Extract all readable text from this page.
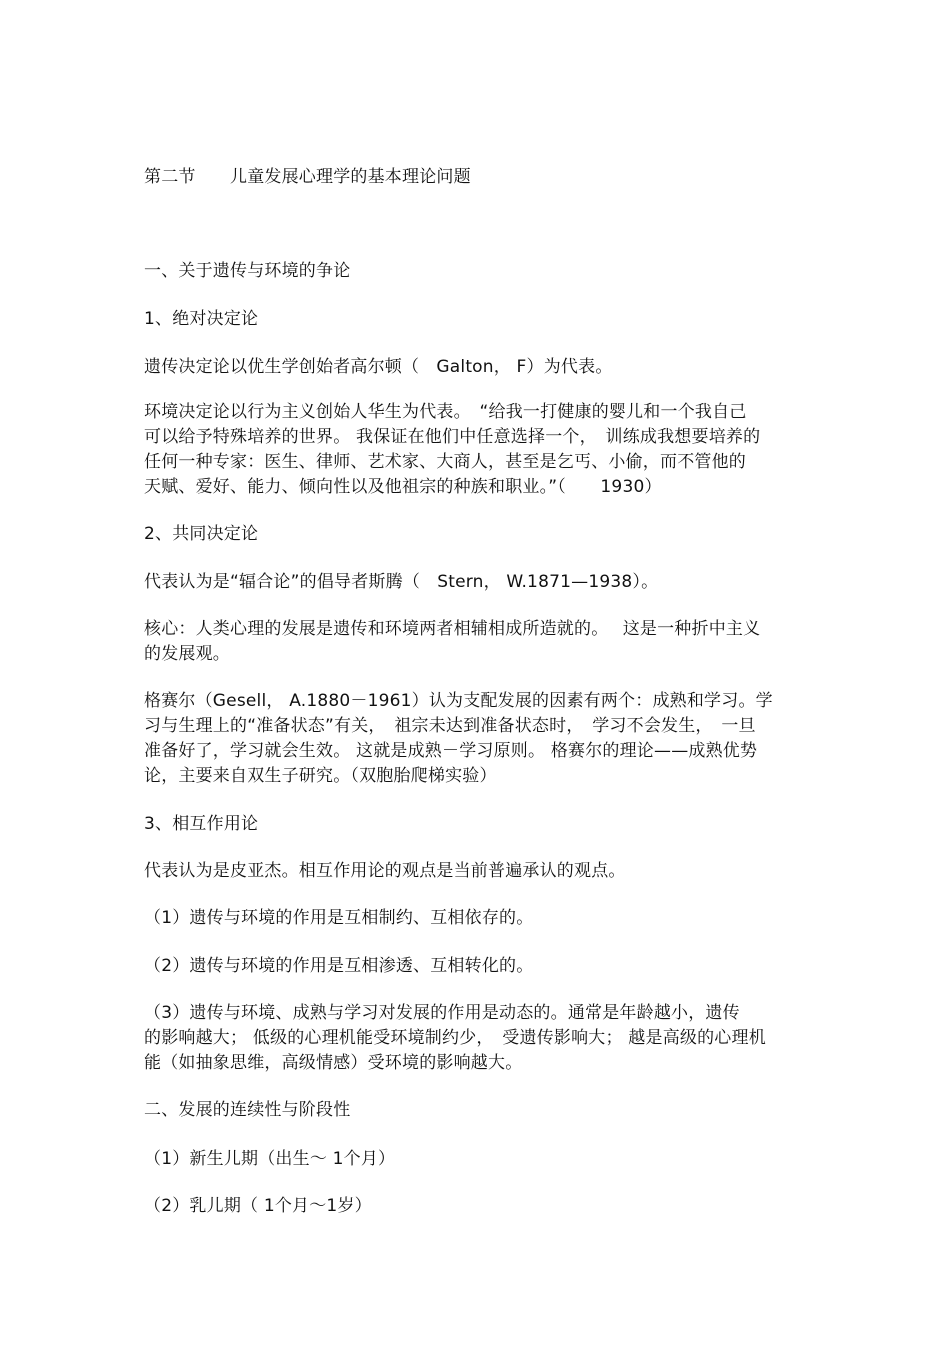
第二节　　儿童发展心理学的基本理论问题

一、关于遗传与环境的争论

1、绝对决定论

遗传决定论以优生学创始者高尔顿（　Galton， F）为代表。

环境决定论以行为主义创始人华生为代表。　“给我一打健康的婴儿和一个我自己

可以给予特殊培养的世界。 我保证在他们中任意选择一个，　训练成我想要培养的

任何一种专家：医生、律师、艺术家、大商人，甚至是乞丐、小偷，而不管他的

天赋、爱好、能力、倾向性以及他祖宗的种族和职业。”（　　1930）

2、共同决定论

代表认为是“辐合论”的倡导者斯腾（　Stern， W.1871—1938）。

核心：人类心理的发展是遗传和环境两者相辅相成所造就的。　 这是一种折中主义

的发展观。

格赛尔（Gesell， A.1880－1961）认为支配发展的因素有两个：成熟和学习。学

习与生理上的“准备状态”有关，　祖宗未达到准备状态时，　学习不会发生，　一旦

准备好了，学习就会生效。 这就是成熟－学习原则。 格赛尔的理论——成熟优势

论，主要来自双生子研究。（双胞胎爬梯实验）

3、相互作用论

代表认为是皮亚杰。相互作用论的观点是当前普遍承认的观点。

（1）遗传与环境的作用是互相制约、互相依存的。

（2）遗传与环境的作用是互相渗透、互相转化的。

（3）遗传与环境、成熟与学习对发展的作用是动态的。通常是年龄越小，遗传

的影响越大； 低级的心理机能受环境制约少，　受遗传影响大； 越是高级的心理机

能（如抽象思维，高级情感）受环境的影响越大。

二、发展的连续性与阶段性

（1）新生儿期（出生～ 1个月）

（2）乳儿期（ 1个月～1岁）
